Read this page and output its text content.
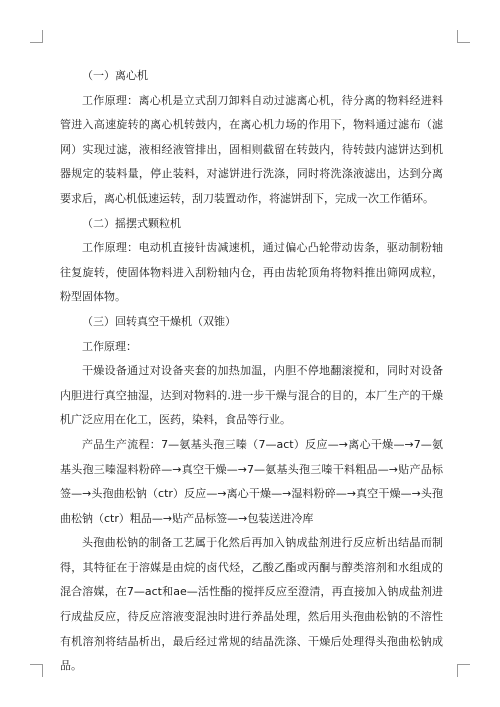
（一）离心机

工作原理：离心机是立式刮刀卸料自动过滤离心机，待分离的物料经进料管进入高速旋转的离心机转鼓内，在离心机力场的作用下，物料通过滤布（滤网）实现过滤，液相经液管排出，固相则截留在转鼓内，待转鼓内滤饼达到机器规定的装料量，停止装料，对滤饼进行洗涤，同时将洗涤液滤出，达到分离要求后，离心机低速运转，刮刀装置动作，将滤饼刮下，完成一次工作循环。

（二）摇摆式颗粒机

工作原理：电动机直接针齿减速机，通过偏心凸轮带动齿条，驱动制粉轴往复旋转，使固体物料进入刮粉轴内仓，再由齿轮顶角将物料推出筛网成粒，粉型固体物。

（三）回转真空干燥机（双锥）

工作原理：

干燥设备通过对设备夹套的加热加温，内胆不停地翻滚搅和，同时对设备内胆进行真空抽湿，达到对物料的.进一步干燥与混合的目的，本厂生产的干燥机广泛应用在化工，医药，染料，食品等行业。

产品生产流程：7—氨基头孢三嗪（7—act）反应—→离心干燥—→7—氨基头孢三嗪湿料粉碎—→真空干燥—→7—氨基头孢三嗪干料粗品—→贴产品标签—→头孢曲松钠（ctr）反应—→离心干燥—→湿料粉碎—→真空干燥—→头孢曲松钠（ctr）粗品—→贴产品标签—→包装送进冷库

头孢曲松钠的制备工艺属于化然后再加入钠成盐剂进行反应析出结晶而制得，其特征在于溶媒是由烷的卤代烃，乙酸乙酯或丙酮与醇类溶剂和水组成的混合溶媒，在7—act和ae—活性酯的搅拌反应至澄清，再直接加入钠成盐剂进行成盐反应，待反应溶液变混浊时进行养晶处理，然后用头孢曲松钠的不溶性有机溶剂将结晶析出，最后经过常规的结晶洗涤、干燥后处理得头孢曲松钠成品。
